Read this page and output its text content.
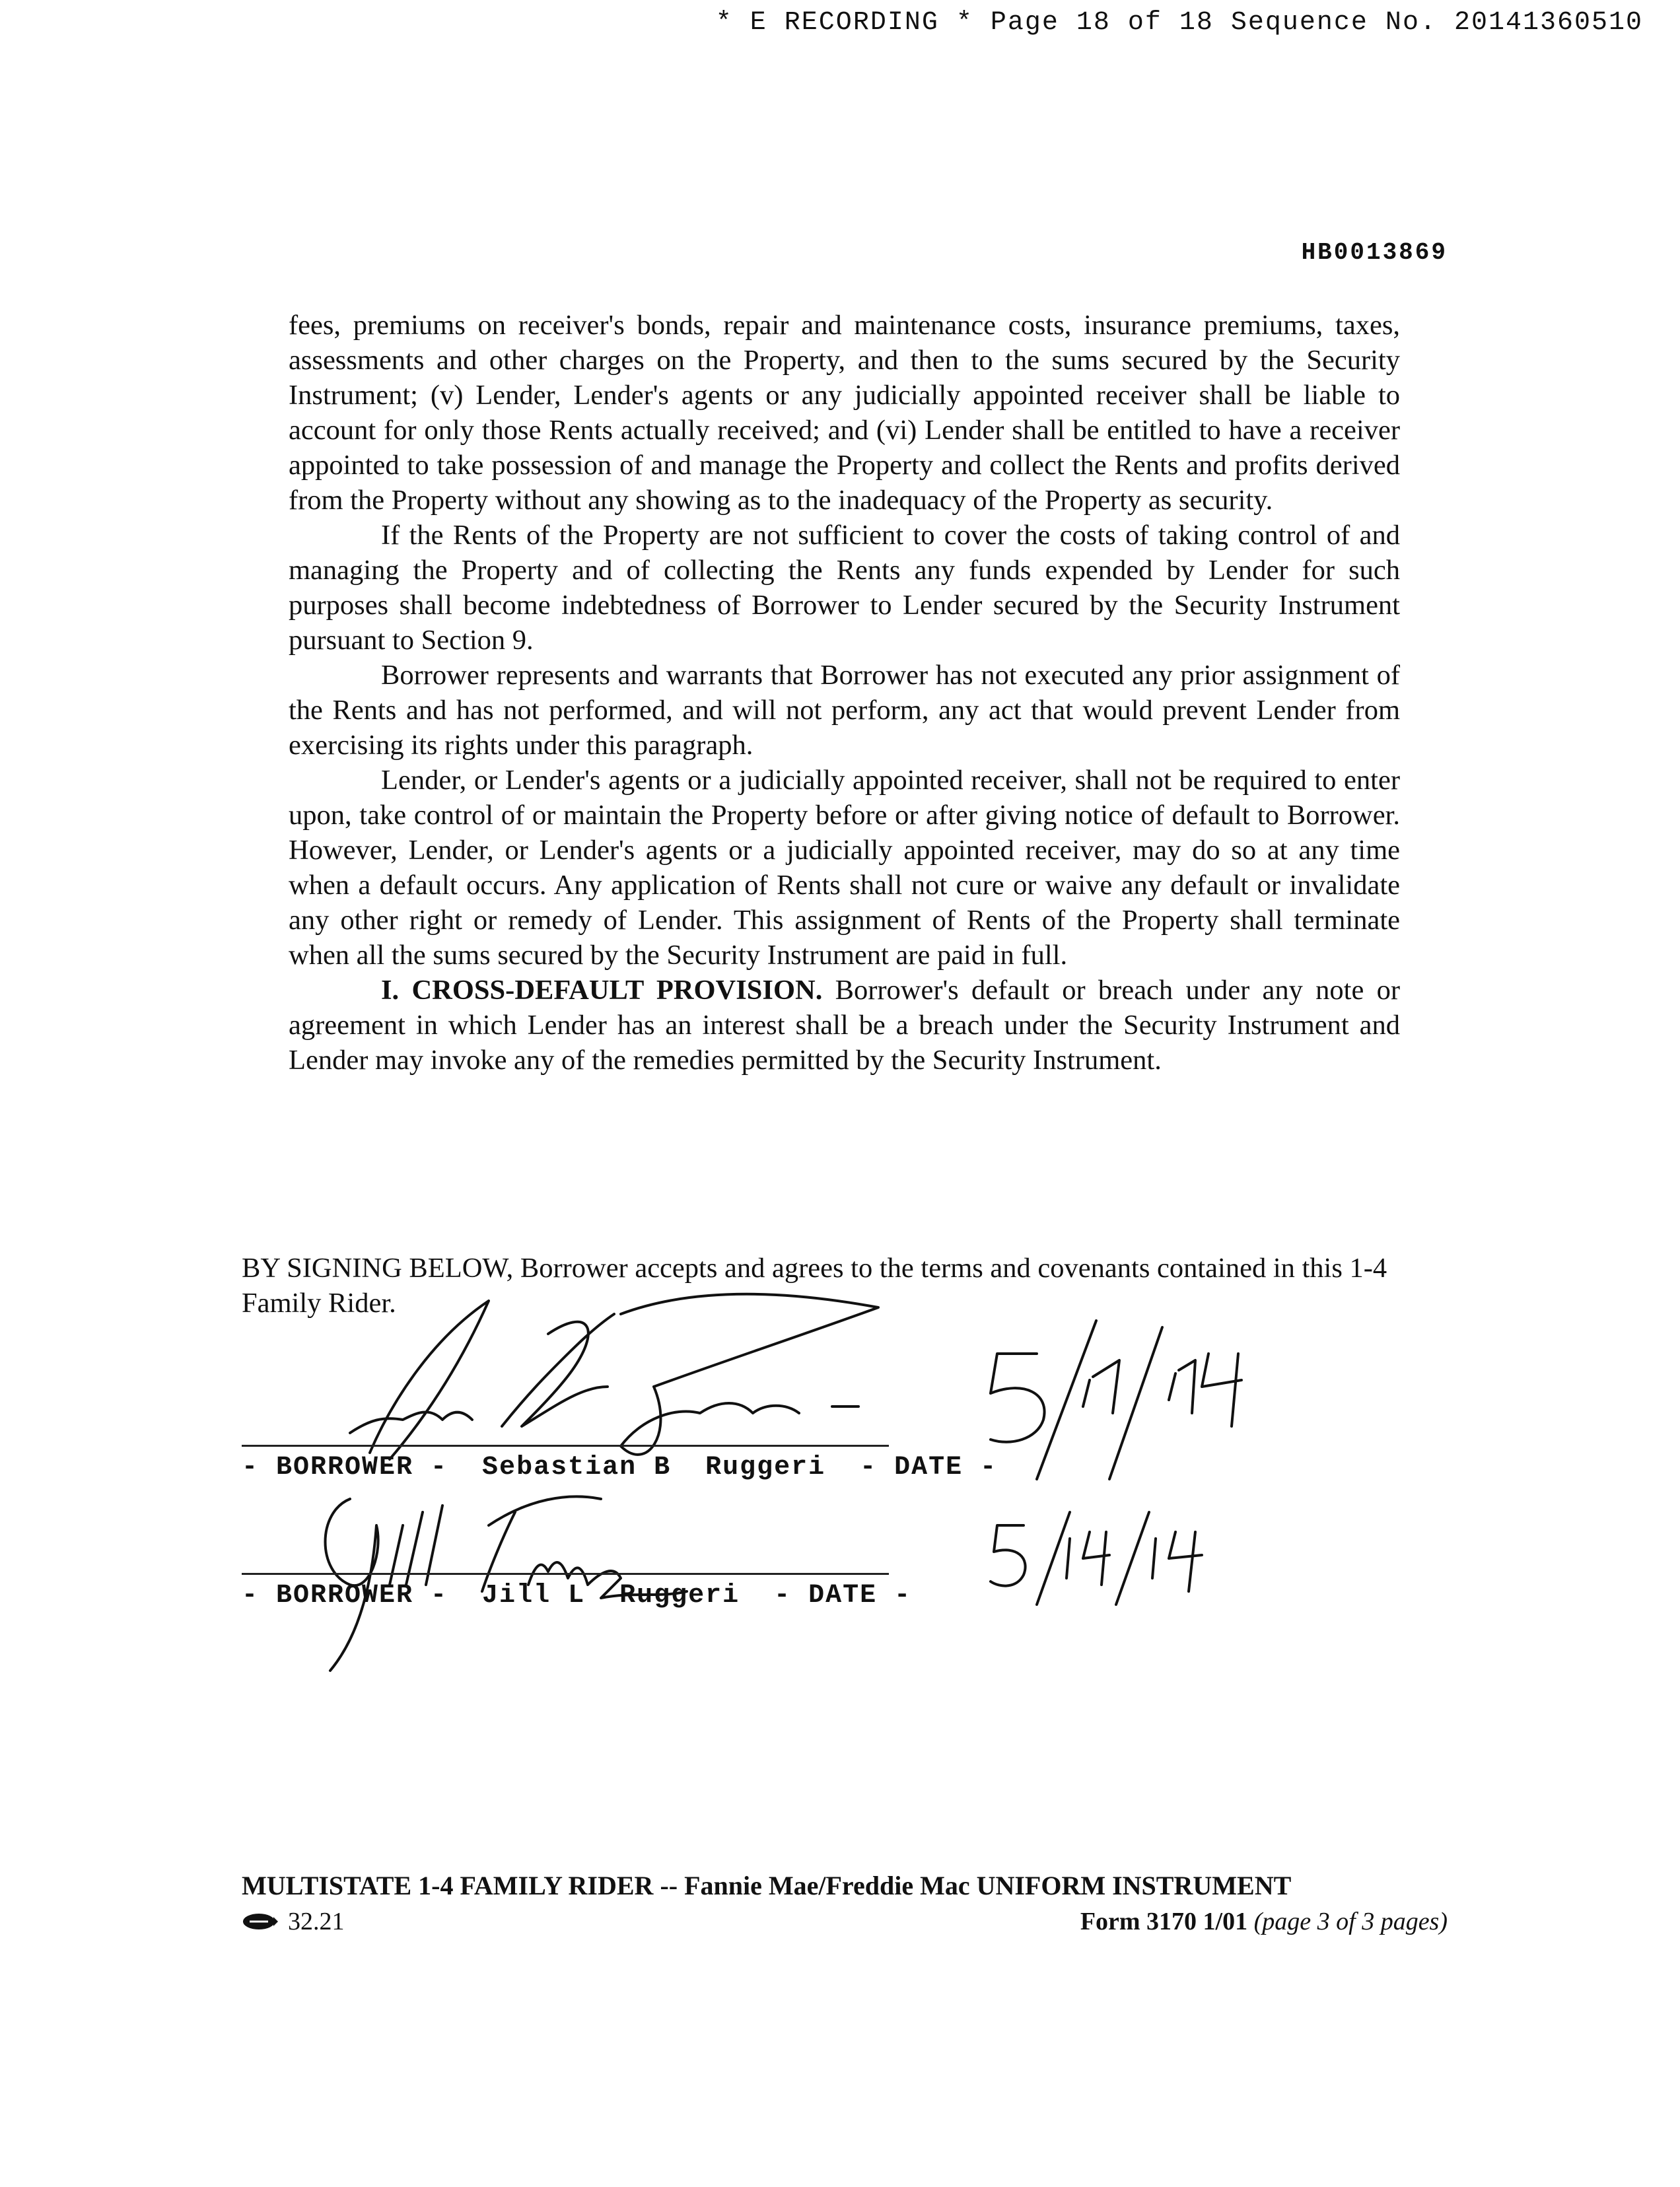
* E RECORDING * Page 18 of 18 Sequence No. 20141360510
HB0013869

fees, premiums on receiver's bonds, repair and maintenance costs, insurance premiums, taxes, assessments and other charges on the Property, and then to the sums secured by the Security Instrument; (v) Lender, Lender's agents or any judicially appointed receiver shall be liable to account for only those Rents actually received; and (vi) Lender shall be entitled to have a receiver appointed to take possession of and manage the Property and collect the Rents and profits derived from the Property without any showing as to the inadequacy of the Property as security.

If the Rents of the Property are not sufficient to cover the costs of taking control of and managing the Property and of collecting the Rents any funds expended by Lender for such purposes shall become indebtedness of Borrower to Lender secured by the Security Instrument pursuant to Section 9.

Borrower represents and warrants that Borrower has not executed any prior assignment of the Rents and has not performed, and will not perform, any act that would prevent Lender from exercising its rights under this paragraph.

Lender, or Lender's agents or a judicially appointed receiver, shall not be required to enter upon, take control of or maintain the Property before or after giving notice of default to Borrower. However, Lender, or Lender's agents or a judicially appointed receiver, may do so at any time when a default occurs. Any application of Rents shall not cure or waive any default or invalidate any other right or remedy of Lender. This assignment of Rents of the Property shall terminate when all the sums secured by the Security Instrument are paid in full.

I. CROSS-DEFAULT PROVISION. Borrower's default or breach under any note or agreement in which Lender has an interest shall be a breach under the Security Instrument and Lender may invoke any of the remedies permitted by the Security Instrument.

BY SIGNING BELOW, Borrower accepts and agrees to the terms and covenants contained in this 1-4 Family Rider.
- BORROWER -  Sebastian B  Ruggeri  - DATE -
- BORROWER -  Jill L  Ruggeri  - DATE -
MULTISTATE 1-4 FAMILY RIDER -- Fannie Mae/Freddie Mac UNIFORM INSTRUMENT
32.21	Form 3170 1/01 (page 3 of 3 pages)
